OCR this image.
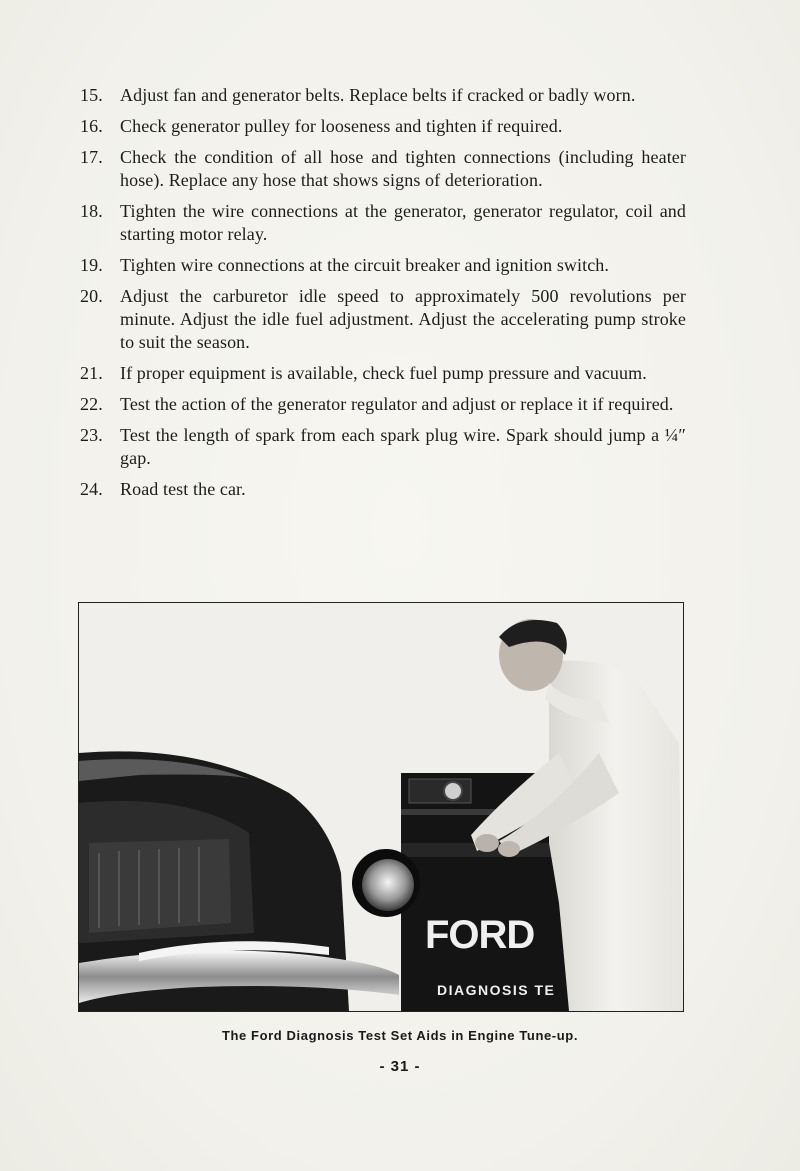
15. Adjust fan and generator belts. Replace belts if cracked or badly worn.
16. Check generator pulley for looseness and tighten if required.
17. Check the condition of all hose and tighten connections (including heater hose). Replace any hose that shows signs of deterioration.
18. Tighten the wire connections at the generator, generator regulator, coil and starting motor relay.
19. Tighten wire connections at the circuit breaker and ignition switch.
20. Adjust the carburetor idle speed to approximately 500 revolutions per minute. Adjust the idle fuel adjustment. Adjust the accelerating pump stroke to suit the season.
21. If proper equipment is available, check fuel pump pressure and vacuum.
22. Test the action of the generator regulator and adjust or replace it if required.
23. Test the length of spark from each spark plug wire. Spark should jump a ¼″ gap.
24. Road test the car.
FORD
DIAGNOSIS TE
The Ford Diagnosis Test Set Aids in Engine Tune-up.
- 31 -
